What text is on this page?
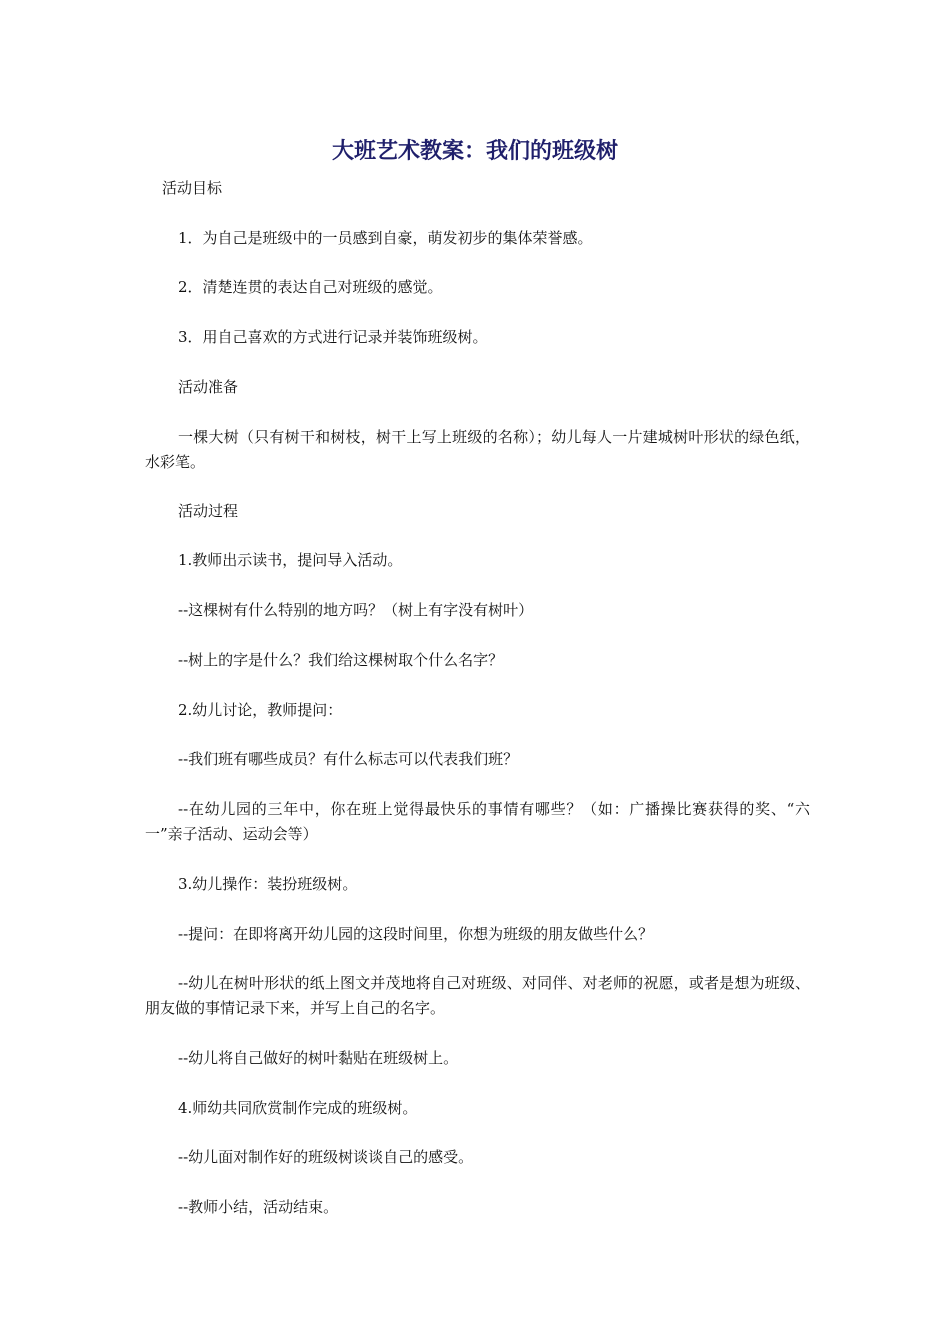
大班艺术教案：我们的班级树

活动目标

1．为自己是班级中的一员感到自豪，萌发初步的集体荣誉感。

2．清楚连贯的表达自己对班级的感觉。

3．用自己喜欢的方式进行记录并装饰班级树。

活动准备

一棵大树（只有树干和树枝，树干上写上班级的名称）；幼儿每人一片建城树叶形状的绿色纸，水彩笔。

活动过程

1.教师出示读书，提问导入活动。

--这棵树有什么特别的地方吗？（树上有字没有树叶）

--树上的字是什么？我们给这棵树取个什么名字？

2.幼儿讨论，教师提问：

--我们班有哪些成员？有什么标志可以代表我们班？

--在幼儿园的三年中，你在班上觉得最快乐的事情有哪些？（如：广播操比赛获得的奖、“六一”亲子活动、运动会等）

3.幼儿操作：装扮班级树。

--提问：在即将离开幼儿园的这段时间里，你想为班级的朋友做些什么？

--幼儿在树叶形状的纸上图文并茂地将自己对班级、对同伴、对老师的祝愿，或者是想为班级、朋友做的事情记录下来，并写上自己的名字。

--幼儿将自己做好的树叶黏贴在班级树上。

4.师幼共同欣赏制作完成的班级树。

--幼儿面对制作好的班级树谈谈自己的感受。

--教师小结，活动结束。
